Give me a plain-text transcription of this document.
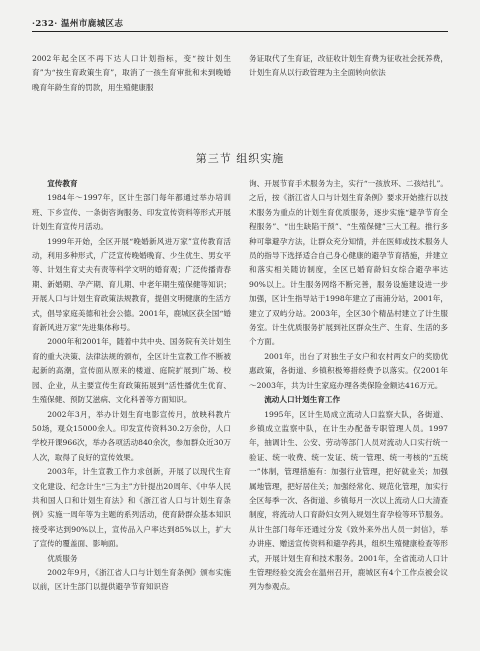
·232· 温州市鹿城区志

2002年起全区不再下达人口计划指标，变“按计划生育”为“按生育政策生育”，取消了一孩生育审批和未到晚婚晚育年龄生育的罚款，用生殖健康服

务证取代了生育证，改征收计划生育费为征收社会抚养费，计划生育从以行政管理为主全面转向依法

第三节 组织实施

宣传教育

1984年～1997年，区计生部门每年都通过举办培训班、下乡宣传、一条街咨询服务、印发宣传资料等形式开展计划生育宣传月活动。

1999年开始，全区开展“晚婚新风进万家”宣传教育活动，利用多种形式，广泛宣传晚婚晚育、少生优生、男女平等、计划生育丈夫有责等科学文明的婚育观；广泛传播青春期、新婚期、孕产期、育儿期、中老年期生殖保健等知识；开展人口与计划生育政策法规教育，提倡文明健康的生活方式，倡导家庭美德和社会公德。2001年，鹿城区获全国“婚育新风进万家”先进集体称号。

2000年和2001年，随着中共中央、国务院有关计划生育的重大决策、法律法规的颁布，全区计生宣教工作不断被起新的高潮，宣传面从原来的楼道、庭院扩展到广场、校园、企业，从主要宣传生育政策拓展到“活性播优生优育、生殖保健、预防艾滋病、文化科普等方面知识。

2002年3月，举办计划生育电影宣传月，放映科教片50场，观众15000余人。印发宣传资料30.2万余份，人口学校开课966次，举办各项活动840余次，参加群众近30万人次，取得了良好的宣传效果。

2003年，计生宣教工作力求创新，开展了以现代生育文化建设、纪念计生“三为主”方针提出20周年、《中华人民共和国人口和计划生育法》和《浙江省人口与计划生育条例》实施一周年等为主题的系列活动，使育龄群众基本知识接受率达到90%以上，宣传品入户率达到85%以上，扩大了宣传的覆盖面、影响面。

优质服务

2002年9月，《浙江省人口与计划生育条例》颁布实施以前，区计生部门以提供避孕节育知识咨

询、开展节育手术服务为主，实行“一孩放环、二孩结扎”。之后，按《浙江省人口与计划生育条例》要求开始推行以技术服务为重点的计划生育优质服务，逐步实施“避孕节育全程服务”、“出生缺陷干预”、“生殖保健”三大工程。推行多种可靠避孕方法，让群众充分知情，并在医师或技术服务人员的指导下选择适合自己身心健康的避孕节育措施，并建立和落实相关随访制度，全区已婚育龄妇女综合避孕率达90%以上。计生服务网络不断完善，服务设施建设进一步加强，区计生指导站于1998年建立了南浦分站，2001年，建立了双屿分站。2003年，全区30个精品村建立了计生服务室。计生优质服务扩展到社区群众生产、生育、生活的多个方面。

2001年，出台了对独生子女户和农村两女户的奖励优惠政策，各街道、乡镇积极筹措经费予以落实。仅2001年～2003年，共为计生家庭办理各类保险金额达416万元。

流动人口计划生育工作

1995年，区计生局成立流动人口监察大队，各街道、乡镇成立监察中队，在计生办配备专职管理人员。1997年，抽调计生、公安、劳动等部门人员对流动人口实行统一验证、统一收费、统一发证、统一管理、统一考核的“五统一”体制，管理措施有：加强行业管理，把好就业关；加强属地管理，把好居住关；加强经常化、规范化管理，加实行全区每季一次、各街道、乡镇每月一次以上流动人口大清查制度，将流动人口育龄妇女列入规划生育孕检等环节服务。从计生部门每年还通过分发《致外来外出人员一封信》，举办讲座、赠送宣传资料和避孕药具，组织生殖健康检查等形式，开展计划生育和技术服务。2001年，全省流动人口计生管理经验交流会在温州召开，鹿城区有4个工作点被会议列为参观点。
